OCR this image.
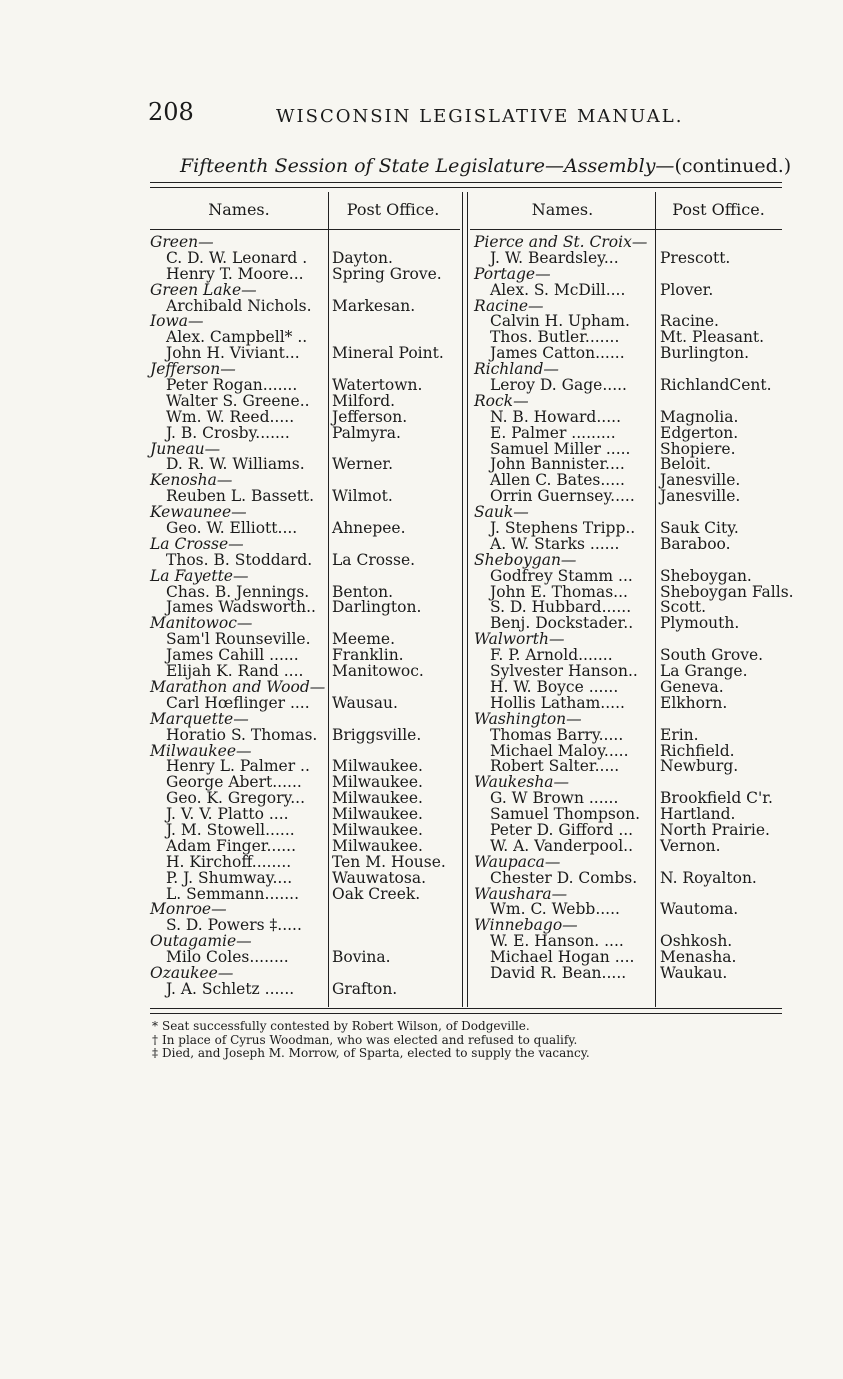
208	WISCONSIN LEGISLATIVE MANUAL.
Fifteenth Session of State Legislature—Assembly—(continued.)
Names.	Post Office.	Names.	Post Office.
Green—
C. D. W. Leonard . Dayton.
Henry T. Moore... Spring Grove.
Green Lake—
Archibald Nichols. Markesan.
Iowa—
Alex. Campbell* ..
John H. Viviant... Mineral Point.
Jefferson—
Peter Rogan....... Watertown.
Walter S. Greene.. Milford.
Wm. W. Reed..... Jefferson.
J. B. Crosby.......	Palmyra.
Juneau—
D. R. W. Williams. Werner.
Kenosha—
Reuben L. Bassett. Wilmot.
Kewaunee—
Geo. W. Elliott.... Ahnepee.
La Crosse—
Thos. B. Stoddard. La Crosse.
La Fayette—
Chas. B. Jennings. Benton.
James Wadsworth.. Darlington.
Manitowoc—
Sam'l Rounseville. Meeme.
James Cahill ...... Franklin.
Elijah K. Rand .... Manitowoc.
Marathon and Wood—
Carl Hœflinger .... Wausau.
Marquette—
Horatio S. Thomas. Briggsville.
Milwaukee—
Henry L. Palmer .. Milwaukee.
George Abert...... Milwaukee.
Geo. K. Gregory... Milwaukee.
J. V. V. Platto ....	Milwaukee.
J. M. Stowell...... Milwaukee.
Adam Finger...... Milwaukee.
H. Kirchoff........	Ten M. House.
P. J. Shumway....	Wauwatosa.
L. Semmann....... Oak Creek.
Monroe—
S. D. Powers ‡.....
Outagamie—
Milo Coles........	Bovina.
Ozaukee—
J. A. Schletz ...... Grafton.
Pierce and St. Croix—
J. W. Beardsley...	Prescott.
Portage—
Alex. S. McDill.... Plover.
Racine—
Calvin H. Upham. Racine.
Thos. Butler.......	Mt. Pleasant.
James Catton...... Burlington.
Richland—
Leroy D. Gage..... RichlandCent.
Rock—
N. B. Howard.....	Magnolia.
E. Palmer .........	Edgerton.
Samuel Miller ..... Shopiere.
John Bannister.... Beloit.
Allen C. Bates..... Janesville.
Orrin Guernsey..... Janesville.
Sauk—
J. Stephens Tripp.. Sauk City.
A. W. Starks ......	Baraboo.
Sheboygan—
Godfrey Stamm ... Sheboygan.
John E. Thomas... Sheboygan Falls.
S. D. Hubbard...... Scott.
Benj. Dockstader.. Plymouth.
Walworth—
F. P. Arnold.......	South Grove.
Sylvester Hanson.. La Grange.
H. W. Boyce ......	Geneva.
Hollis Latham..... Elkhorn.
Washington—
Thomas Barry..... Erin.
Michael Maloy..... Richfield.
Robert Salter.....	Newburg.
Waukesha—
G. W Brown ......	Brookfield C'r.
Samuel Thompson. Hartland.
Peter D. Gifford ... North Prairie.
W. A. Vanderpool.. Vernon.
Waupaca—
Chester D. Combs. N. Royalton.
Waushara—
Wm. C. Webb.....	Wautoma.
Winnebago—
W. E. Hanson. .... Oshkosh.
Michael Hogan .... Menasha.
David R. Bean..... Waukau.
* Seat successfully contested by Robert Wilson, of Dodgeville.
† In place of Cyrus Woodman, who was elected and refused to qualify.
‡ Died, and Joseph M. Morrow, of Sparta, elected to supply the vacancy.
